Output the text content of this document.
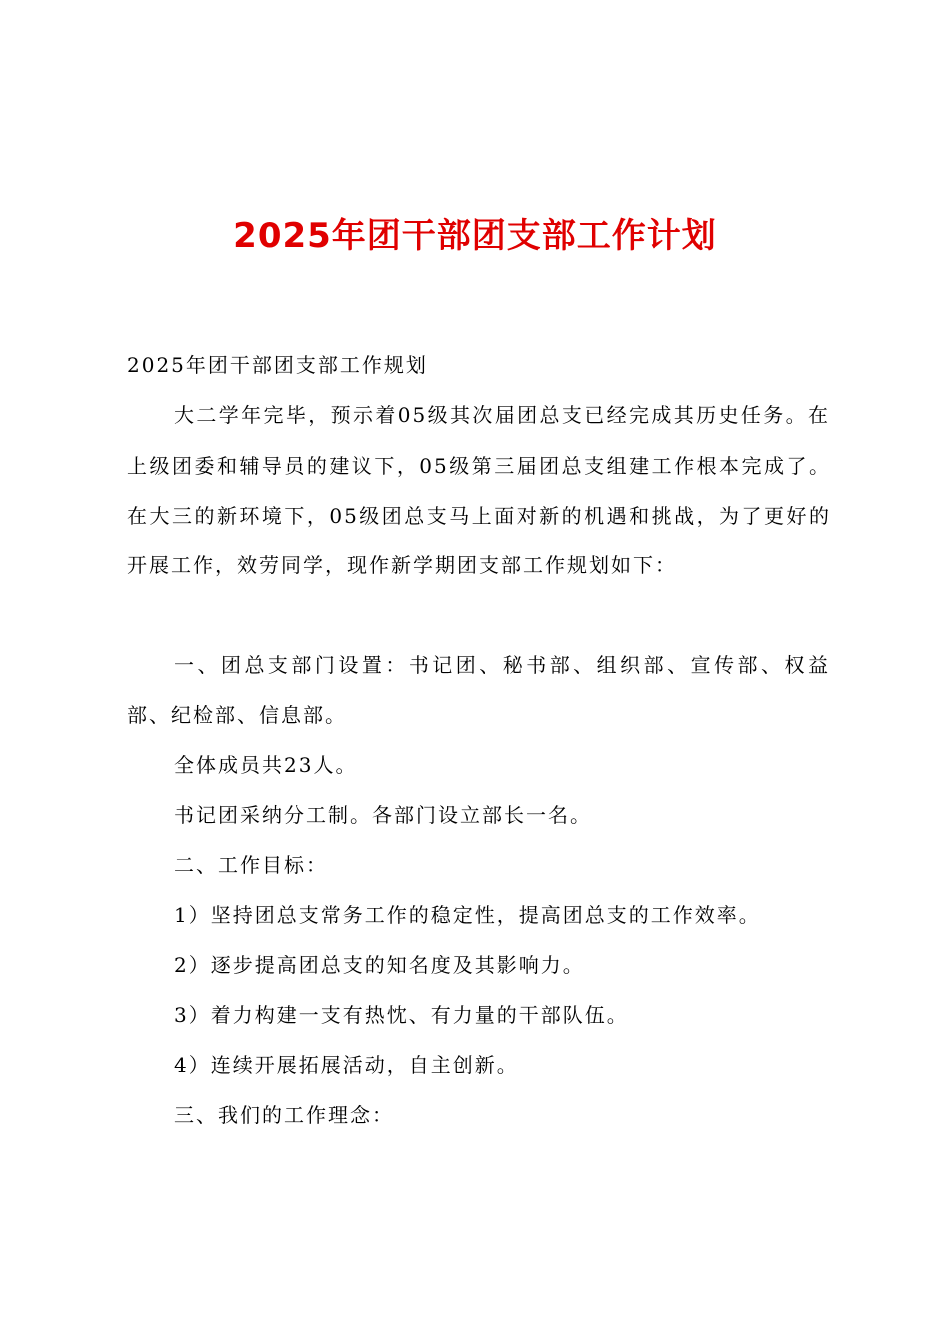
2025年团干部团支部工作计划
2025年团干部团支部工作规划
大二学年完毕，预示着05级其次届团总支已经完成其历史任务。在
上级团委和辅导员的建议下，05级第三届团总支组建工作根本完成了。
在大三的新环境下，05级团总支马上面对新的机遇和挑战，为了更好的
开展工作，效劳同学，现作新学期团支部工作规划如下：
一、团总支部门设置：书记团、秘书部、组织部、宣传部、权益
部、纪检部、信息部。
全体成员共23人。
书记团采纳分工制。各部门设立部长一名。
二、工作目标：
1）坚持团总支常务工作的稳定性，提高团总支的工作效率。
2）逐步提高团总支的知名度及其影响力。
3）着力构建一支有热忱、有力量的干部队伍。
4）连续开展拓展活动，自主创新。
三、我们的工作理念：
